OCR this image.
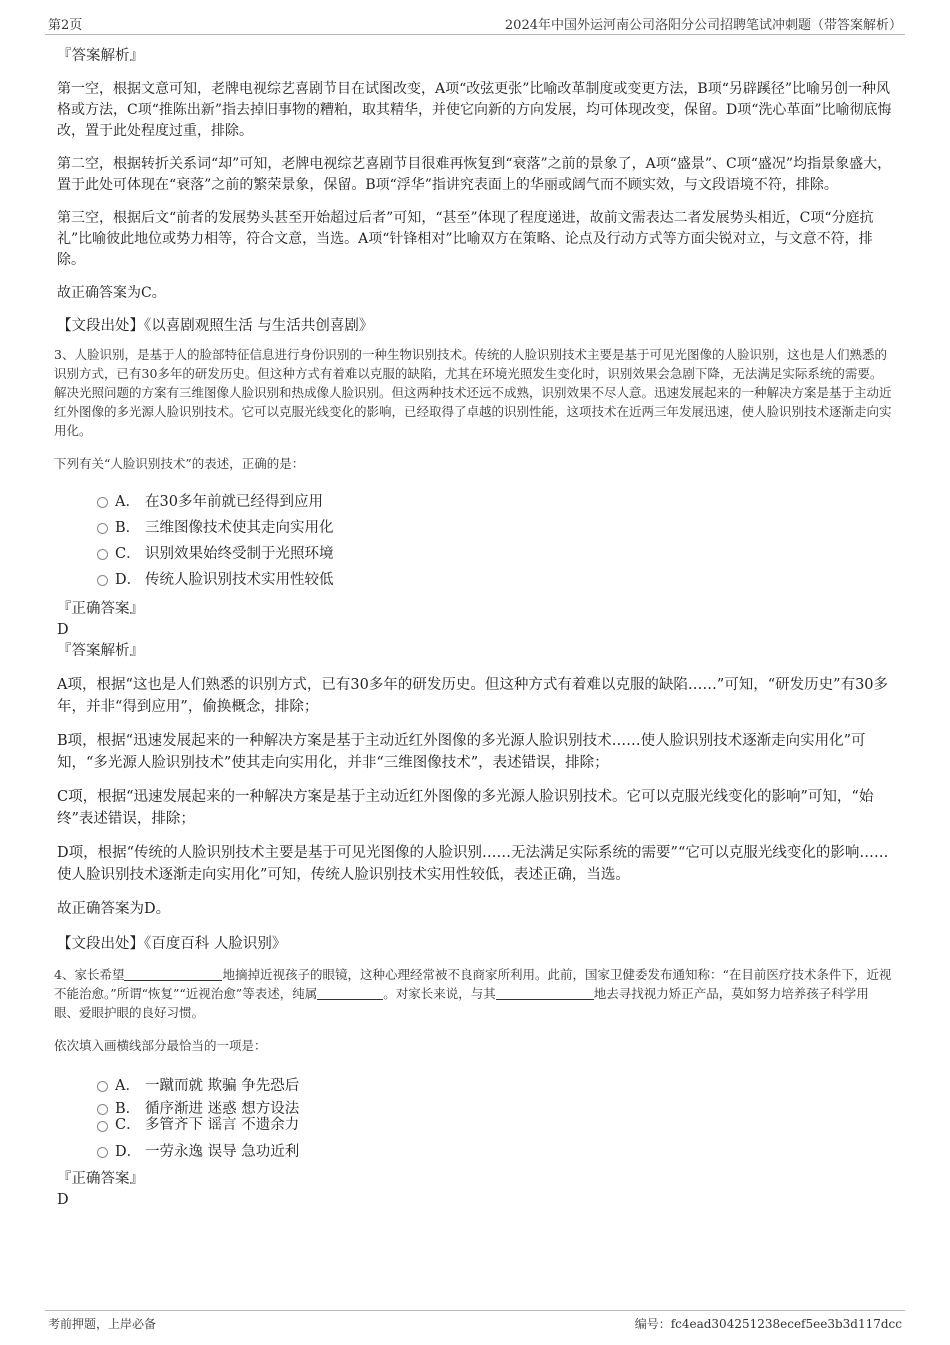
第2页	2024年中国外运河南公司洛阳分公司招聘笔试冲刺题（带答案解析）

『答案解析』

第一空，根据文意可知，老牌电视综艺喜剧节目在试图改变，A项“改弦更张”比喻改革制度或变更方法，B项“另辟蹊径”比喻另创一种风格或方法，C项“推陈出新”指去掉旧事物的糟粕，取其精华，并使它向新的方向发展，均可体现改变，保留。D项“洗心革面”比喻彻底悔改，置于此处程度过重，排除。

第二空，根据转折关系词“却”可知，老牌电视综艺喜剧节目很难再恢复到“衰落”之前的景象了，A项“盛景”、C项“盛况”均指景象盛大，置于此处可体现在“衰落”之前的繁荣景象，保留。B项“浮华”指讲究表面上的华丽或阔气而不顾实效，与文段语境不符，排除。

第三空，根据后文“前者的发展势头甚至开始超过后者”可知，“甚至”体现了程度递进，故前文需表达二者发展势头相近，C项“分庭抗礼”比喻彼此地位或势力相等，符合文意，当选。A项“针锋相对”比喻双方在策略、论点及行动方式等方面尖锐对立，与文意不符，排除。

故正确答案为C。

【文段出处】《以喜剧观照生活 与生活共创喜剧》

3、人脸识别，是基于人的脸部特征信息进行身份识别的一种生物识别技术。传统的人脸识别技术主要是基于可见光图像的人脸识别，这也是人们熟悉的识别方式，已有30多年的研发历史。但这种方式有着难以克服的缺陷，尤其在环境光照发生变化时，识别效果会急剧下降，无法满足实际系统的需要。解决光照问题的方案有三维图像人脸识别和热成像人脸识别。但这两种技术还远不成熟，识别效果不尽人意。迅速发展起来的一种解决方案是基于主动近红外图像的多光源人脸识别技术。它可以克服光线变化的影响，已经取得了卓越的识别性能，这项技术在近两三年发展迅速，使人脸识别技术逐渐走向实用化。

下列有关“人脸识别技术”的表述，正确的是：

A． 在30多年前就已经得到应用
B． 三维图像技术使其走向实用化
C． 识别效果始终受制于光照环境
D． 传统人脸识别技术实用性较低

『正确答案』

D

『答案解析』

A项，根据“这也是人们熟悉的识别方式，已有30多年的研发历史。但这种方式有着难以克服的缺陷……”可知，“研发历史”有30多年，并非“得到应用”，偷换概念，排除；

B项，根据“迅速发展起来的一种解决方案是基于主动近红外图像的多光源人脸识别技术……使人脸识别技术逐渐走向实用化”可知，“多光源人脸识别技术”使其走向实用化，并非“三维图像技术”，表述错误，排除；

C项，根据“迅速发展起来的一种解决方案是基于主动近红外图像的多光源人脸识别技术。它可以克服光线变化的影响”可知，“始终”表述错误，排除；

D项，根据“传统的人脸识别技术主要是基于可见光图像的人脸识别……无法满足实际系统的需要”“它可以克服光线变化的影响……使人脸识别技术逐渐走向实用化”可知，传统人脸识别技术实用性较低，表述正确，当选。

故正确答案为D。

【文段出处】《百度百科 人脸识别》

4、家长希望	地摘掉近视孩子的眼镜，这种心理经常被不良商家所利用。此前，国家卫健委发布通知称：“在目前医疗技术条件下，近视不能治愈。”所谓“恢复”“近视治愈”等表述，纯属	。对家长来说，与其	地去寻找视力矫正产品，莫如努力培养孩子科学用眼、爱眼护眼的良好习惯。

依次填入画横线部分最恰当的一项是：

A． 一蹴而就 欺骗 争先恐后
B． 循序渐进 迷惑 想方设法
C． 多管齐下 谣言 不遗余力
D． 一劳永逸 误导 急功近利

『正确答案』

D

考前押题，上岸必备	编号：fc4ead304251238ecef5ee3b3d117dcc
